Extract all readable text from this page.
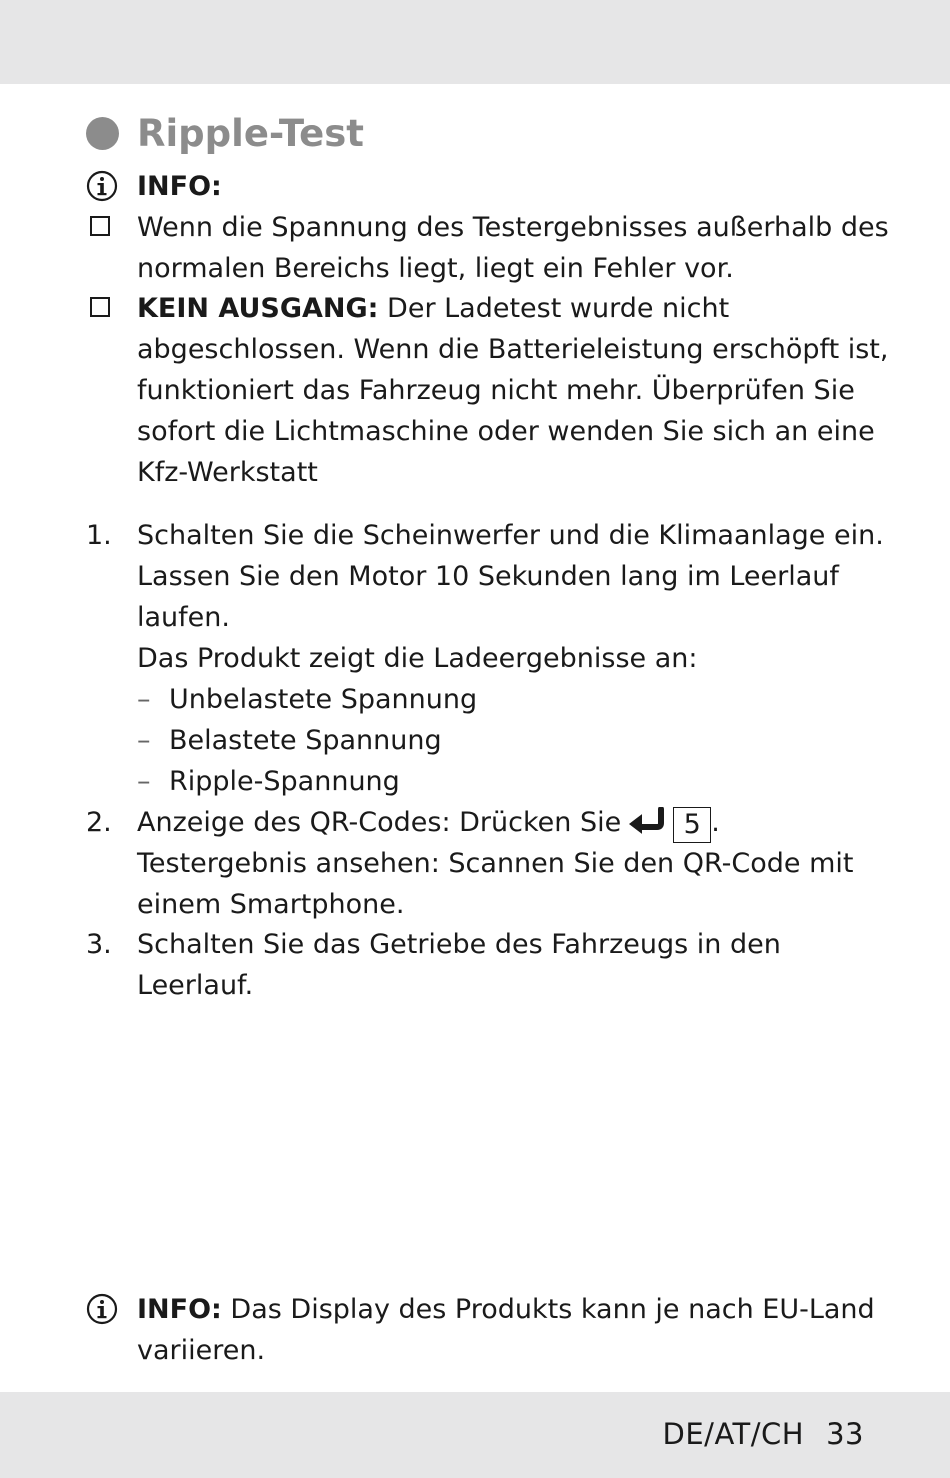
Ripple-Test
INFO:
Wenn die Spannung des Testergebnisses außerhalb des
normalen Bereichs liegt, liegt ein Fehler vor.
KEIN AUSGANG: Der Ladetest wurde nicht
abgeschlossen. Wenn die Batterieleistung erschöpft ist,
funktioniert das Fahrzeug nicht mehr. Überprüfen Sie
sofort die Lichtmaschine oder wenden Sie sich an eine
Kfz-Werkstatt
1. Schalten Sie die Scheinwerfer und die Klimaanlage ein.
Lassen Sie den Motor 10 Sekunden lang im Leerlauf
laufen.
Das Produkt zeigt die Ladeergebnisse an:
– Unbelastete Spannung
– Belastete Spannung
– Ripple-Spannung
2. Anzeige des QR-Codes: Drücken Sie 5 .
Testergebnis ansehen: Scannen Sie den QR-Code mit
einem Smartphone.
3. Schalten Sie das Getriebe des Fahrzeugs in den Leerlauf.
INFO: Das Display des Produkts kann je nach EU-Land
variieren.
DE/AT/CH 33
